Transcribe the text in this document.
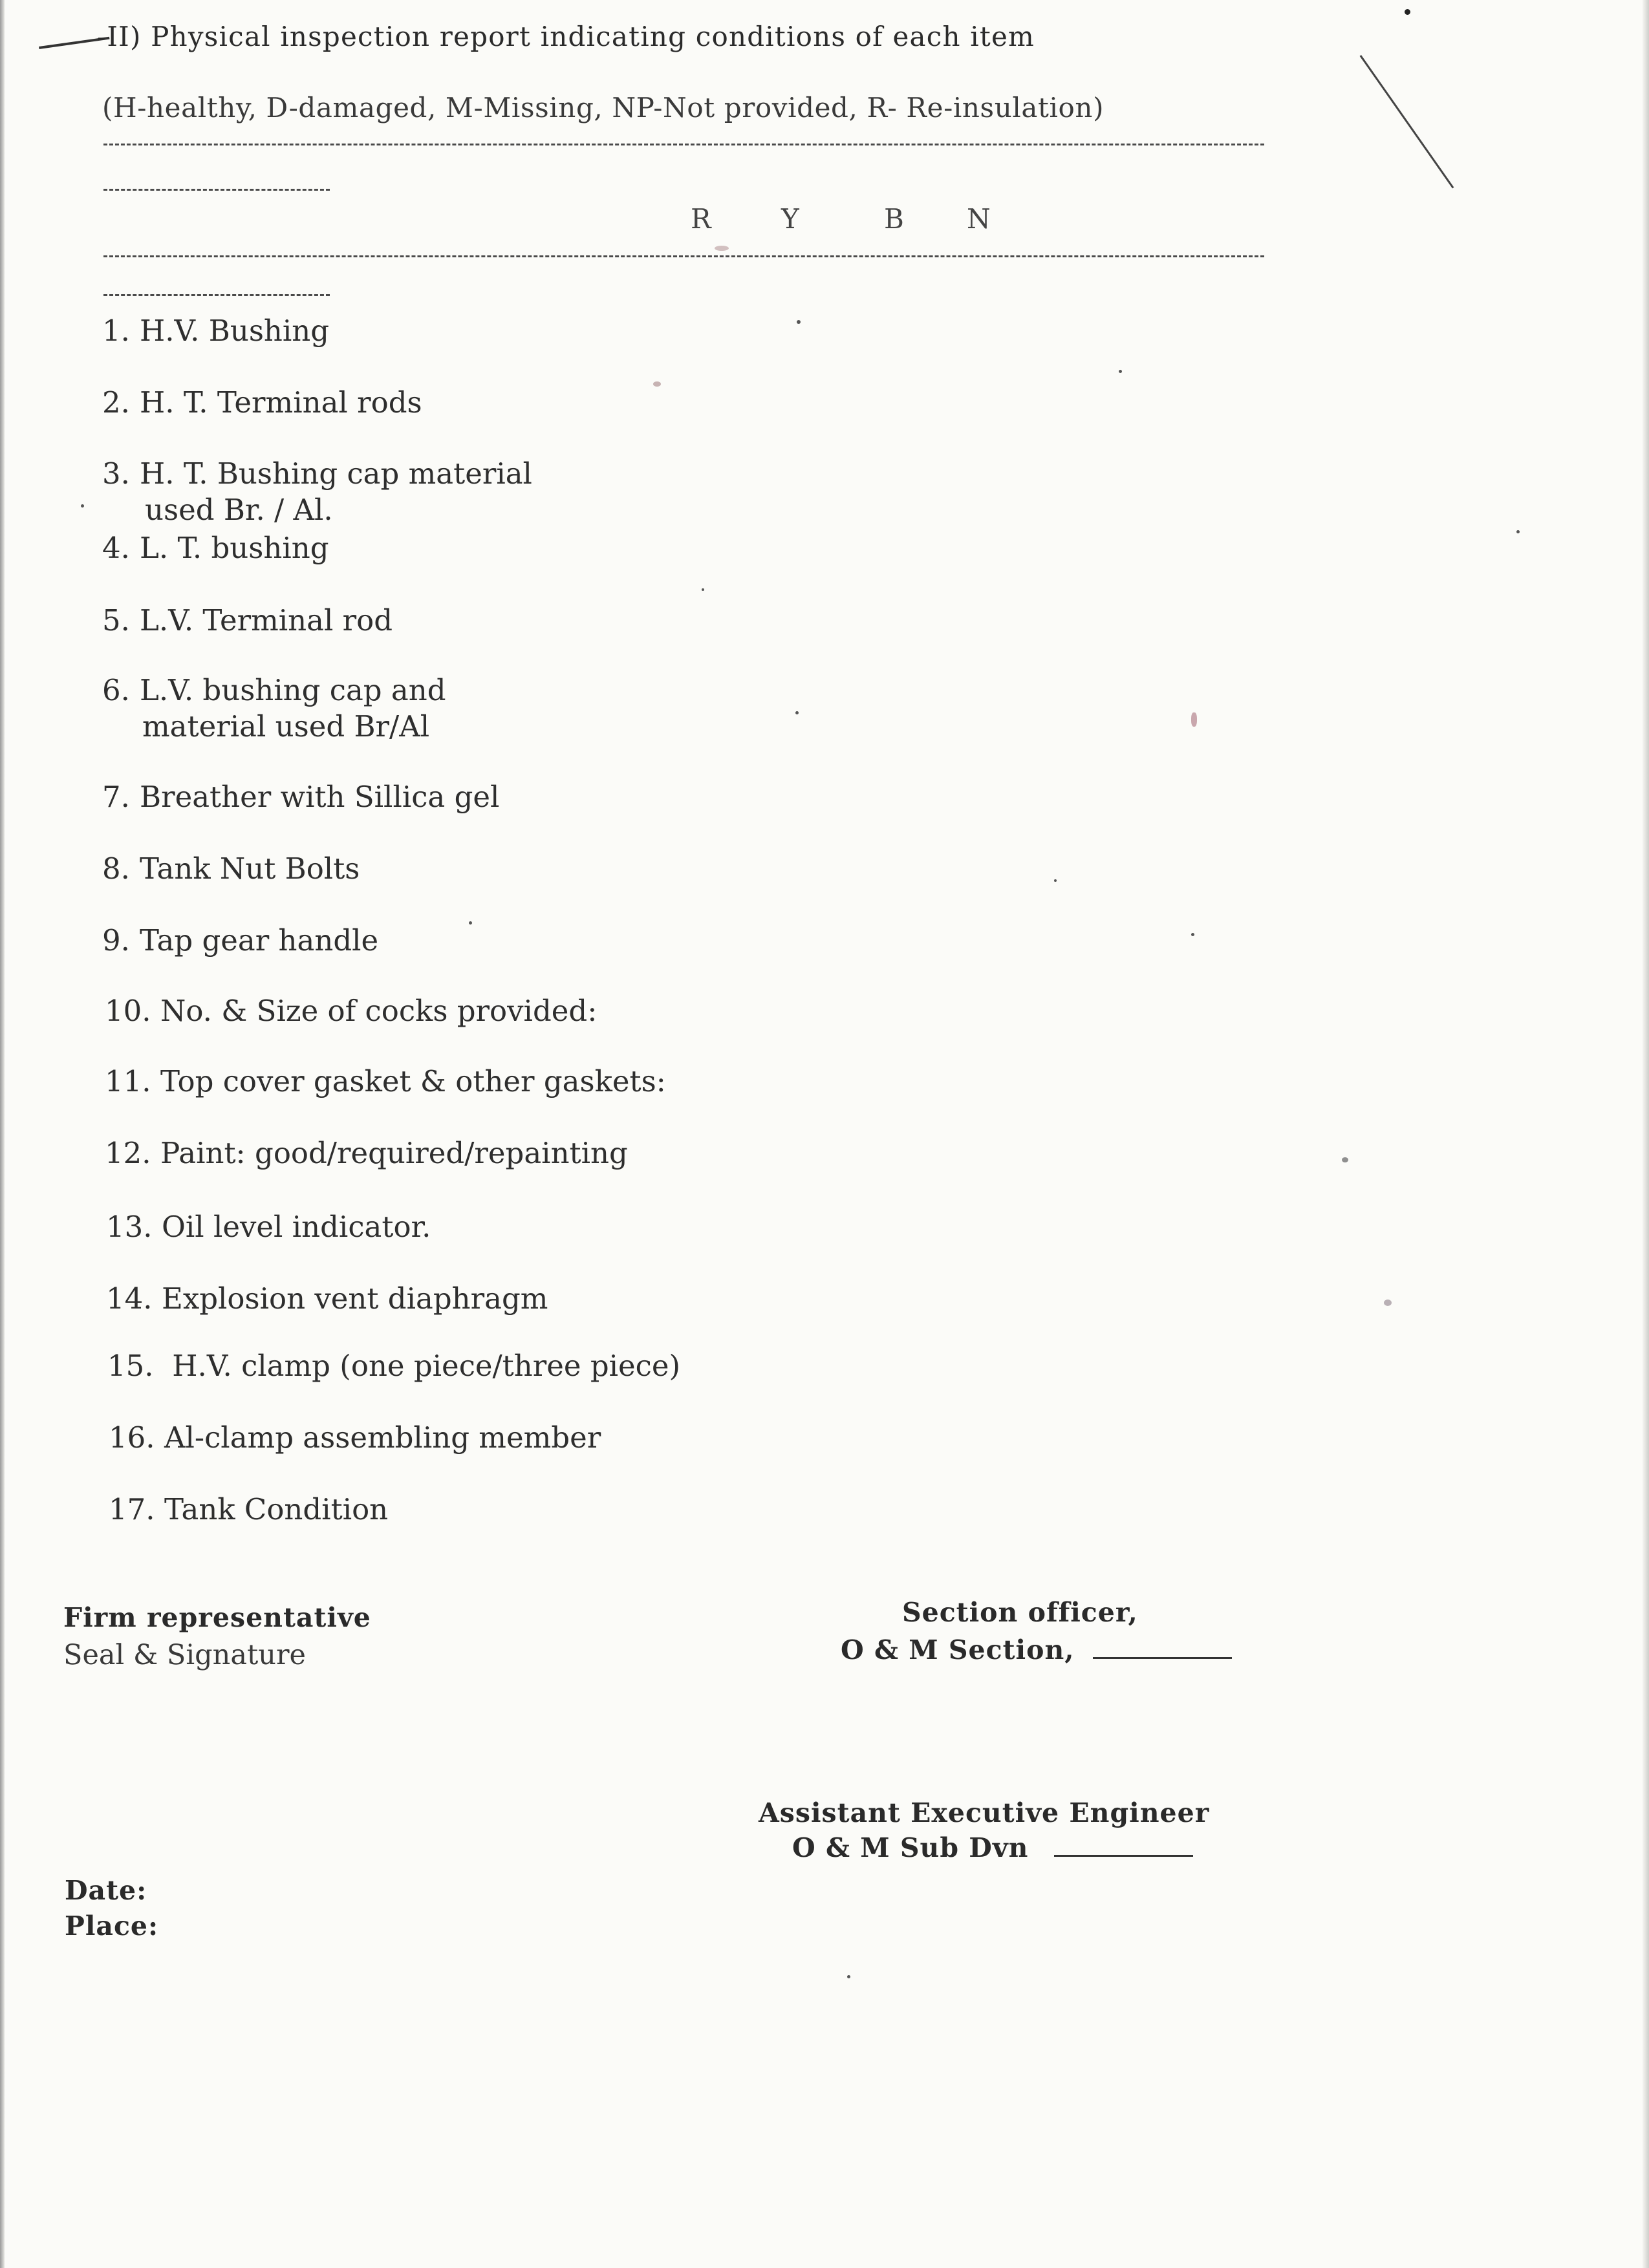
-II) Physical inspection report indicating conditions of each item
(H-healthy, D-damaged, M-Missing, NP-Not provided, R- Re-insulation)
R	Y	B N
1. H.V. Bushing
2. H. T. Terminal rods
3. H. T. Bushing cap material
used Br. / Al.
4. L. T. bushing
5. L.V. Terminal rod
6. L.V. bushing cap and
material used Br/Al
7. Breather with Sillica gel
8. Tank Nut Bolts
9. Tap gear handle
10. No. & Size of cocks provided:
11. Top cover gasket & other gaskets:
12. Paint: good/required/repainting
13. Oil level indicator.
14. Explosion vent diaphragm
15. H.V. clamp (one piece/three piece)
16. Al-clamp assembling member
17. Tank Condition
Firm representative
Seal & Signature
Section officer,
O & M Section,
Assistant Executive Engineer
O & M Sub Dvn
Date:
Place:
